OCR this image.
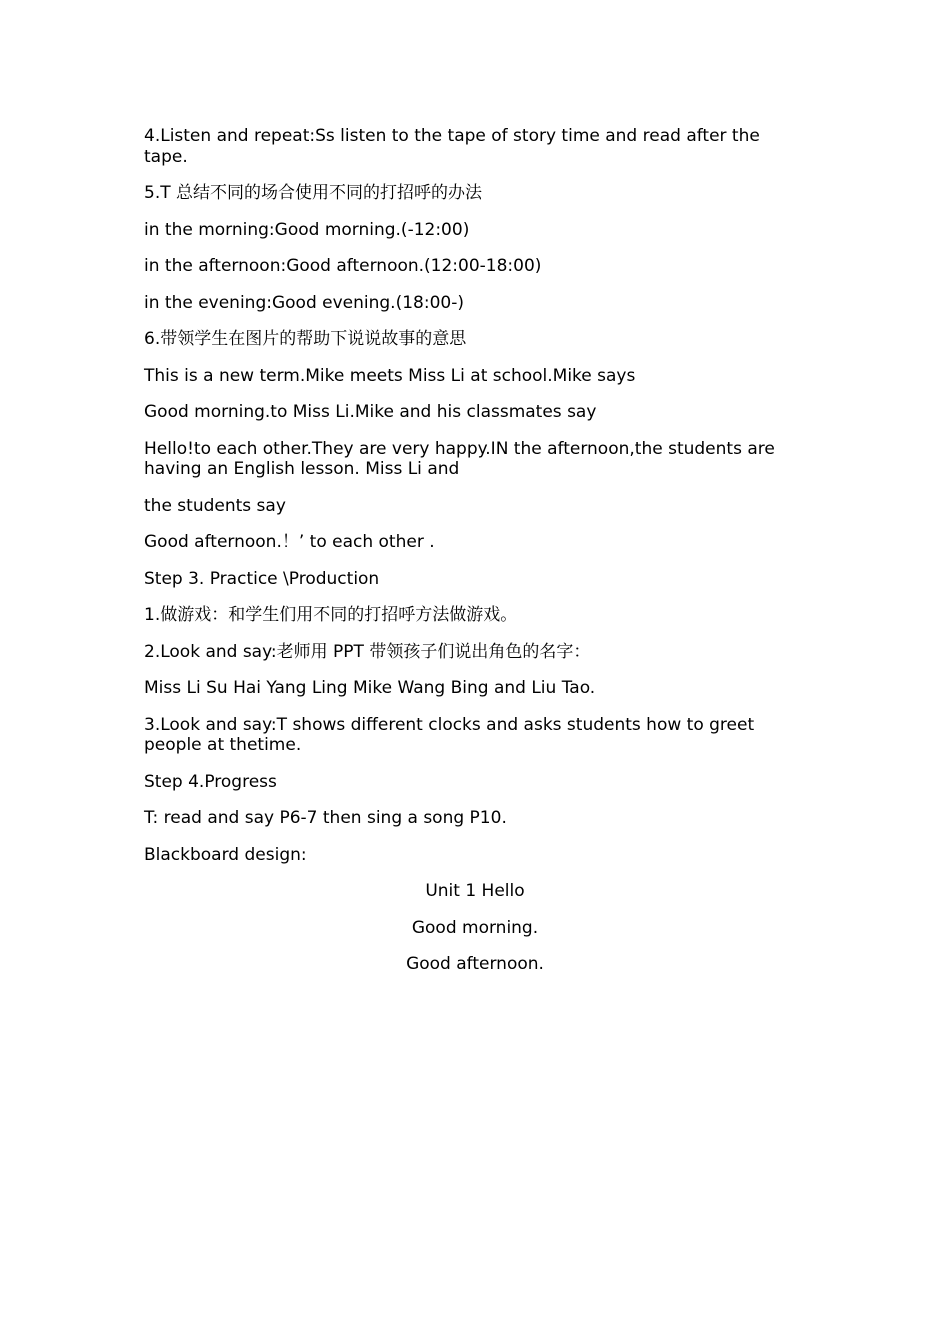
4.Listen and repeat:Ss listen to the tape of story time and read after the tape.

5.T 总结不同的场合使用不同的打招呼的办法

in the morning:Good morning.(-12:00)

in the afternoon:Good afternoon.(12:00-18:00)

in the evening:Good evening.(18:00-)

6.带领学生在图片的帮助下说说故事的意思

This is a new term.Mike meets Miss Li at school.Mike says

Good morning.to Miss Li.Mike and his classmates say

Hello!to each other.They are very happy.IN the afternoon,the students are having an English lesson. Miss Li and

the students say

Good afternoon.！’ to each other .

Step 3. Practice \Production

1.做游戏：和学生们用不同的打招呼方法做游戏。

2.Look and say:老师用 PPT 带领孩子们说出角色的名字：

Miss Li Su Hai Yang Ling Mike Wang Bing and Liu Tao.

3.Look and say:T shows different clocks and asks students how to greet people at thetime.

Step 4.Progress

T: read and say P6-7 then sing a song P10.

Blackboard design:

Unit 1 Hello

Good morning.

Good afternoon.
